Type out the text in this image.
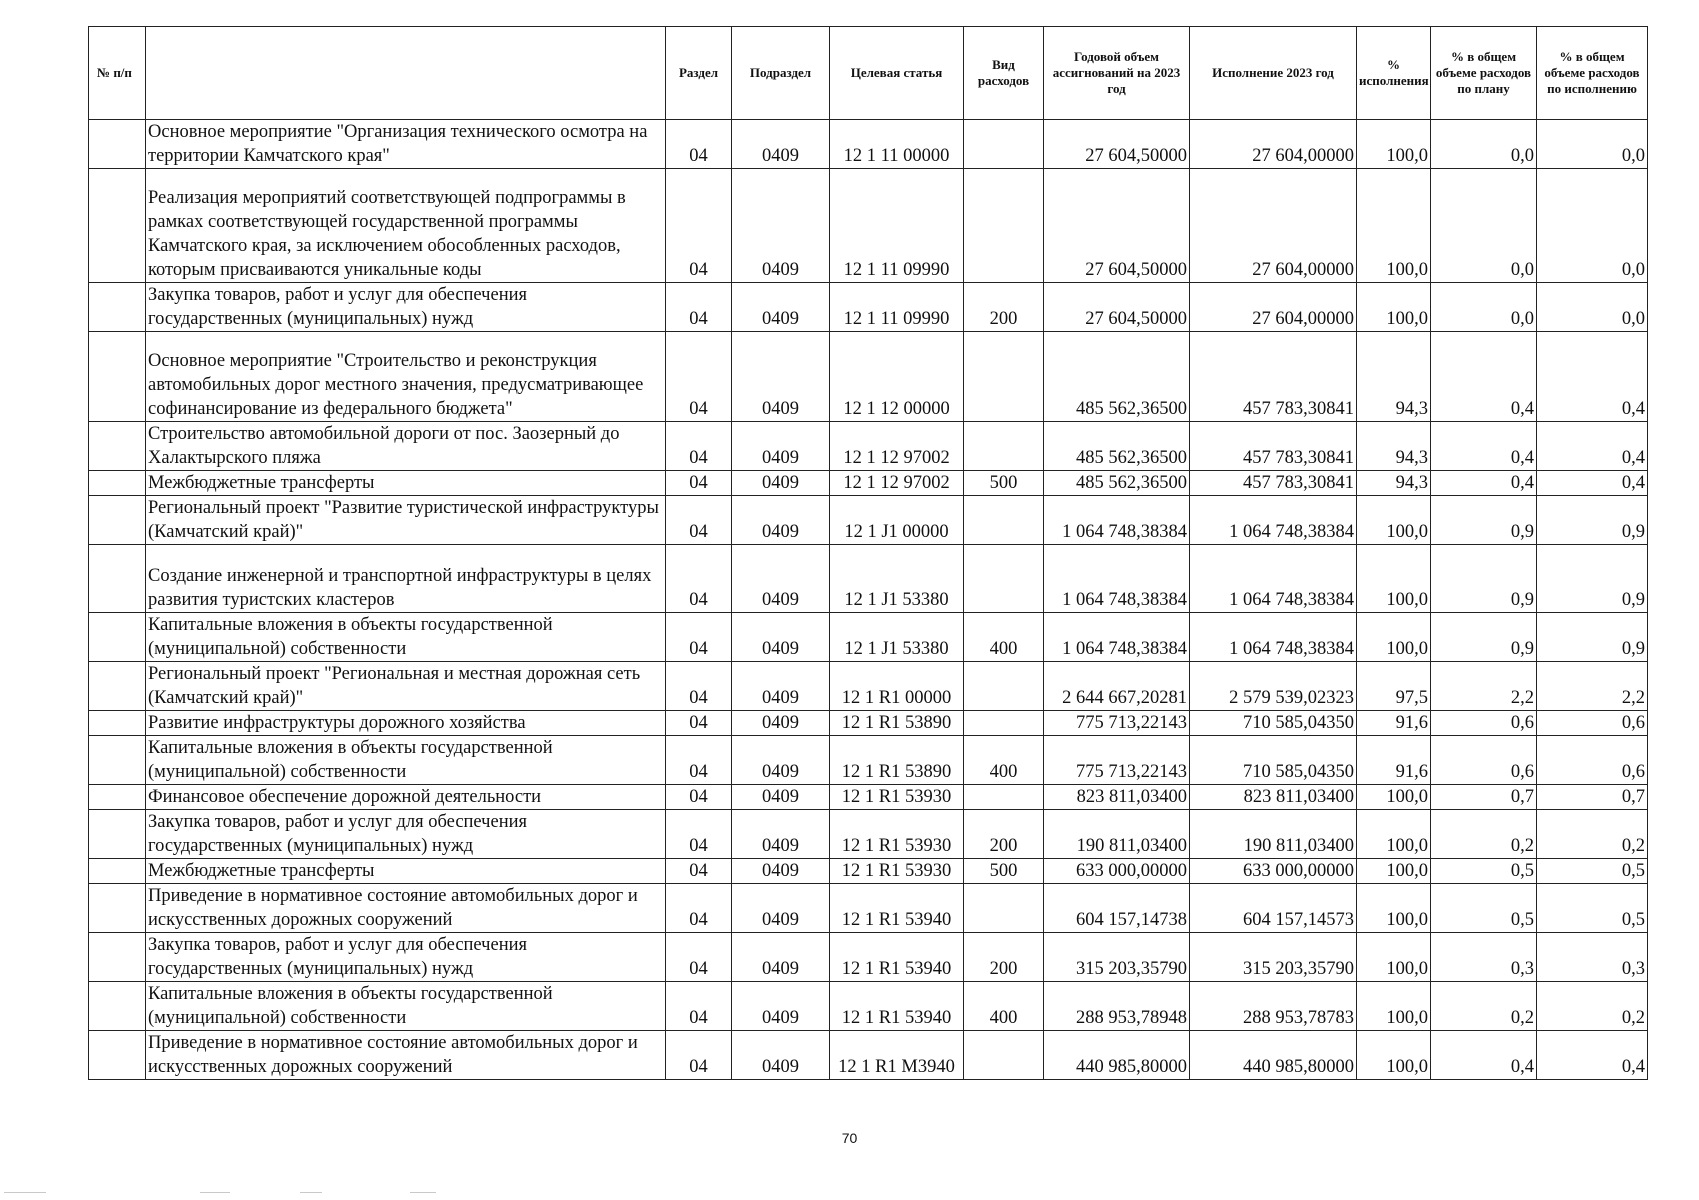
№ п/п		Раздел	Подраздел	Целевая статья	Вид расходов	Годовой объем ассигнований на 2023 год	Исполнение 2023 год	% исполнения	% в общем объеме расходов по плану	% в общем объеме расходов по исполнению
	Основное мероприятие "Организация технического осмотра на территории Камчатского края"	04	0409	12 1 11 00000		27 604,50000	27 604,00000	100,0	0,0	0,0
	Реализация мероприятий соответствующей подпрограммы в рамках соответствующей государственной программы Камчатского края, за исключением обособленных расходов, которым присваиваются уникальные коды	04	0409	12 1 11 09990		27 604,50000	27 604,00000	100,0	0,0	0,0
	Закупка товаров, работ и услуг для обеспечения государственных (муниципальных) нужд	04	0409	12 1 11 09990	200	27 604,50000	27 604,00000	100,0	0,0	0,0
	Основное мероприятие "Строительство и реконструкция автомобильных дорог местного значения, предусматривающее софинансирование из федерального бюджета"	04	0409	12 1 12 00000		485 562,36500	457 783,30841	94,3	0,4	0,4
	Строительство автомобильной дороги от пос. Заозерный до Халактырского пляжа	04	0409	12 1 12 97002		485 562,36500	457 783,30841	94,3	0,4	0,4
	Межбюджетные трансферты	04	0409	12 1 12 97002	500	485 562,36500	457 783,30841	94,3	0,4	0,4
	Региональный проект "Развитие туристической инфраструктуры (Камчатский край)"	04	0409	12 1 J1 00000		1 064 748,38384	1 064 748,38384	100,0	0,9	0,9
	Создание инженерной и транспортной инфраструктуры в целях развития туристских кластеров	04	0409	12 1 J1 53380		1 064 748,38384	1 064 748,38384	100,0	0,9	0,9
	Капитальные вложения в объекты государственной (муниципальной) собственности	04	0409	12 1 J1 53380	400	1 064 748,38384	1 064 748,38384	100,0	0,9	0,9
	Региональный проект "Региональная и местная дорожная сеть (Камчатский край)"	04	0409	12 1 R1 00000		2 644 667,20281	2 579 539,02323	97,5	2,2	2,2
	Развитие инфраструктуры дорожного хозяйства	04	0409	12 1 R1 53890		775 713,22143	710 585,04350	91,6	0,6	0,6
	Капитальные вложения в объекты государственной (муниципальной) собственности	04	0409	12 1 R1 53890	400	775 713,22143	710 585,04350	91,6	0,6	0,6
	Финансовое обеспечение дорожной деятельности	04	0409	12 1 R1 53930		823 811,03400	823 811,03400	100,0	0,7	0,7
	Закупка товаров, работ и услуг для обеспечения государственных (муниципальных) нужд	04	0409	12 1 R1 53930	200	190 811,03400	190 811,03400	100,0	0,2	0,2
	Межбюджетные трансферты	04	0409	12 1 R1 53930	500	633 000,00000	633 000,00000	100,0	0,5	0,5
	Приведение в нормативное состояние автомобильных дорог и искусственных дорожных сооружений	04	0409	12 1 R1 53940		604 157,14738	604 157,14573	100,0	0,5	0,5
	Закупка товаров, работ и услуг для обеспечения государственных (муниципальных) нужд	04	0409	12 1 R1 53940	200	315 203,35790	315 203,35790	100,0	0,3	0,3
	Капитальные вложения в объекты государственной (муниципальной) собственности	04	0409	12 1 R1 53940	400	288 953,78948	288 953,78783	100,0	0,2	0,2
	Приведение в нормативное состояние автомобильных дорог и искусственных дорожных сооружений	04	0409	12 1 R1 M3940		440 985,80000	440 985,80000	100,0	0,4	0,4
70
